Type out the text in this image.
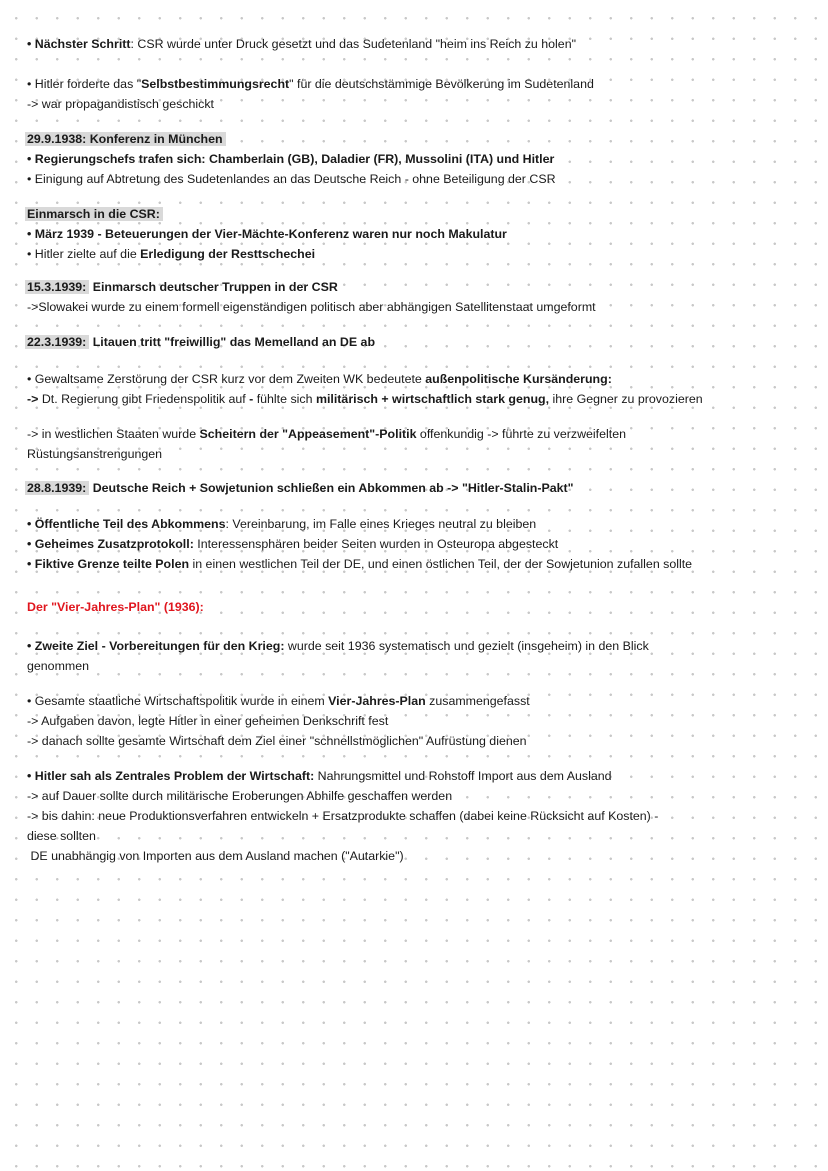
• Nächster Schritt: CSR wurde unter Druck gesetzt und das Sudetenland "heim ins Reich zu holen"
• Hitler forderte das "Selbstbestimmungsrecht" für die deutschstämmige Bevölkerung im Sudetenland
-> war propagandistisch geschickt
29.9.1938: Konferenz in München
• Regierungschefs trafen sich: Chamberlain (GB), Daladier (FR), Mussolini (ITA) und Hitler
• Einigung auf Abtretung des Sudetenlandes an das Deutsche Reich - ohne Beteiligung der CSR
Einmarsch in die CSR:
• März 1939 - Beteuerungen der Vier-Mächte-Konferenz waren nur noch Makulatur
• Hitler zielte auf die Erledigung der Resttschechei
15.3.1939: Einmarsch deutscher Truppen in der CSR
->Slowakei wurde zu einem formell eigenständigen politisch aber abhängigen Satellitenstaat umgeformt
22.3.1939: Litauen tritt "freiwillig" das Memelland an DE ab
• Gewaltsame Zerstörung der CSR kurz vor dem Zweiten WK bedeutete außenpolitische Kursänderung:
-> Dt. Regierung gibt Friedenspolitik auf - fühlte sich militärisch + wirtschaftlich stark genug, ihre Gegner zu provozieren
-> in westlichen Staaten wurde Scheitern der "Appeasement"-Politik offenkundig -> führte zu verzweifelten
Rüstungsanstrengungen
28.8.1939: Deutsche Reich + Sowjetunion schließen ein Abkommen ab -> "Hitler-Stalin-Pakt"
• Öffentliche Teil des Abkommens: Vereinbarung, im Falle eines Krieges neutral zu bleiben
• Geheimes Zusatzprotokoll: Interessensphären beider Seiten wurden in Osteuropa abgesteckt
• Fiktive Grenze teilte Polen in einen westlichen Teil der DE, und einen östlichen Teil, der der Sowjetunion zufallen sollte
Der "Vier-Jahres-Plan" (1936):
• Zweite Ziel - Vorbereitungen für den Krieg: wurde seit 1936 systematisch und gezielt (insgeheim) in den Blick
genommen
• Gesamte staatliche Wirtschaftspolitik wurde in einem Vier-Jahres-Plan zusammengefasst
-> Aufgaben davon, legte Hitler in einer geheimen Denkschrift fest
-> danach sollte gesamte Wirtschaft dem Ziel einer "schnellstmöglichen" Aufrüstung dienen
• Hitler sah als Zentrales Problem der Wirtschaft: Nahrungsmittel und Rohstoff Import aus dem Ausland
-> auf Dauer sollte durch militärische Eroberungen Abhilfe geschaffen werden
-> bis dahin: neue Produktionsverfahren entwickeln + Ersatzprodukte schaffen (dabei keine Rücksicht auf Kosten) -
diese sollten
DE unabhängig von Importen aus dem Ausland machen ("Autarkie")
